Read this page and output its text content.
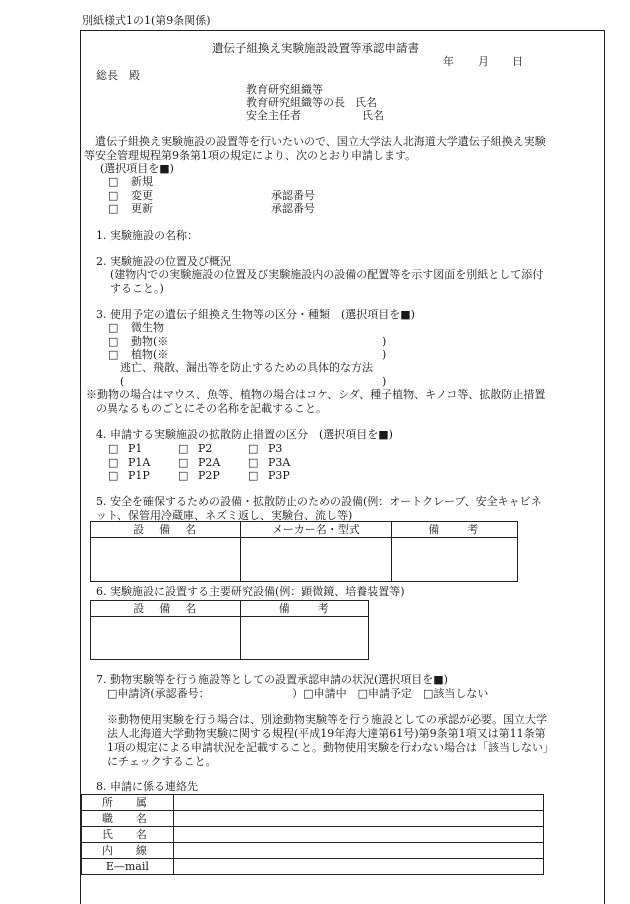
別紙様式1の1(第9条関係)
遺伝子組換え実験施設設置等承認申請書
年 月 日
総長　殿
教育研究組織等
教育研究組織等の長 氏名
安全主任者	氏名
遺伝子組換え実験施設の設置等を行いたいので、国立大学法人北海道大学遺伝子組換え実験等安全管理規程第9条第1項の規定により、次のとおり申請します。
(選択項目を■)
□ 新規
□ 変更	承認番号
□ 更新	承認番号
1. 実験施設の名称：
2. 実験施設の位置及び概況
(建物内での実験施設の位置及び実験施設内の設備の配置等を示す図面を別紙として添付すること。)
3. 使用予定の遺伝子組換え生物等の区分・種類　(選択項目を■)
□ 微生物
□ 動物(※	)
□ 植物(※	)
逃亡、飛散、漏出等を防止するための具体的な方法
(	)
※動物の場合はマウス、魚等、植物の場合はコケ、シダ、種子植物、キノコ等、拡散防止措置の異なるものごとにその名称を記載すること。
4. 申請する実験施設の拡散防止措置の区分　(選択項目を■)
□ P1	□ P2	□ P3
□ P1A	□ P2A	□ P3A
□ P1P	□ P2P	□ P3P
5. 安全を確保するための設備・拡散防止のための設備(例：オートクレーブ、安全キャビネット、保管用冷蔵庫、ネズミ返し、実験台、流し等)
設　備　名	メーカー名・型式	備　　考

6. 実験施設に設置する主要研究設備(例：顕微鏡、培養装置等)
設　備　名	備　　考

7. 動物実験等を行う施設等としての設置承認申請の状況(選択項目を■)
□申請済(承認番号：　　　　　　　　）□申請中　□申請予定　□該当しない
※動物使用実験を行う場合は、別途動物実験等を行う施設としての承認が必要。国立大学法人北海道大学動物実験に関する規程(平成19年海大達第61号)第9条第1項又は第11条第1項の規定による申請状況を記載すること。動物使用実験を行わない場合は「該当しない」にチェックすること。
8. 申請に係る連絡先
所　属	
職　名	
氏　名	
内　線	
E—mail	
